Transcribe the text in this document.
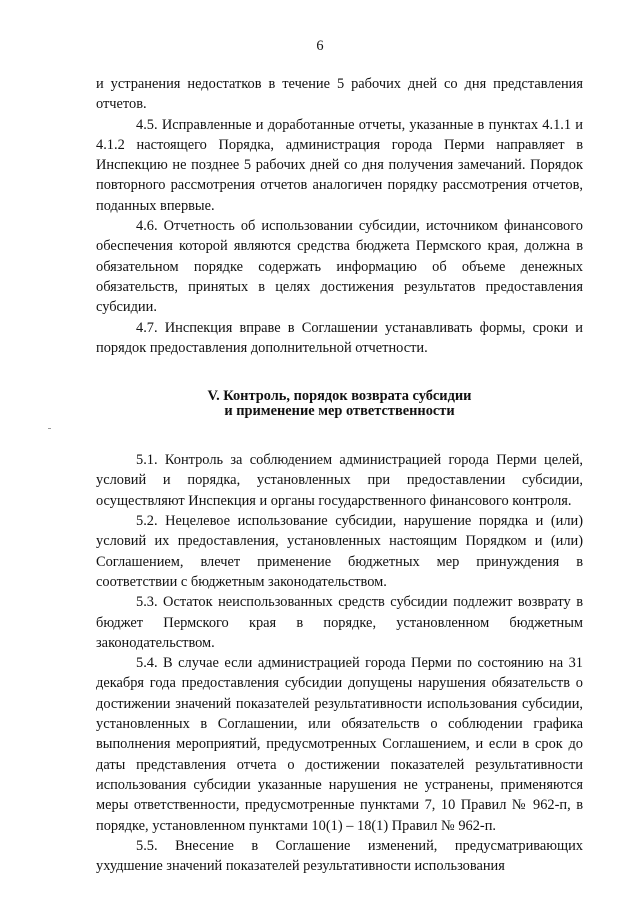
6

и устранения недостатков в течение 5 рабочих дней со дня представления отчетов.

4.5. Исправленные и доработанные отчеты, указанные в пунктах 4.1.1 и 4.1.2 настоящего Порядка, администрация города Перми направляет в Инспекцию не позднее 5 рабочих дней со дня получения замечаний. Порядок повторного рассмотрения отчетов аналогичен порядку рассмотрения отчетов, поданных впервые.

4.6. Отчетность об использовании субсидии, источником финансового обеспечения которой являются средства бюджета Пермского края, должна в обязательном порядке содержать информацию об объеме денежных обязательств, принятых в целях достижения результатов предоставления субсидии.

4.7. Инспекция вправе в Соглашении устанавливать формы, сроки и порядок предоставления дополнительной отчетности.

V. Контроль, порядок возврата субсидии
и применение мер ответственности

5.1. Контроль за соблюдением администрацией города Перми целей, условий и порядка, установленных при предоставлении субсидии, осуществляют Инспекция и органы государственного финансового контроля.

5.2. Нецелевое использование субсидии, нарушение порядка и (или) условий их предоставления, установленных настоящим Порядком и (или) Соглашением, влечет применение бюджетных мер принуждения в соответствии с бюджетным законодательством.

5.3. Остаток неиспользованных средств субсидии подлежит возврату в бюджет Пермского края в порядке, установленном бюджетным законодательством.

5.4. В случае если администрацией города Перми по состоянию на 31 декабря года предоставления субсидии допущены нарушения обязательств о достижении значений показателей результативности использования субсидии, установленных в Соглашении, или обязательств о соблюдении графика выполнения мероприятий, предусмотренных Соглашением, и если в срок до даты представления отчета о достижении показателей результативности использования субсидии указанные нарушения не устранены, применяются меры ответственности, предусмотренные пунктами 7, 10 Правил № 962-п, в порядке, установленном пунктами 10(1) – 18(1) Правил № 962-п.

5.5. Внесение в Соглашение изменений, предусматривающих ухудшение значений показателей результативности использования
